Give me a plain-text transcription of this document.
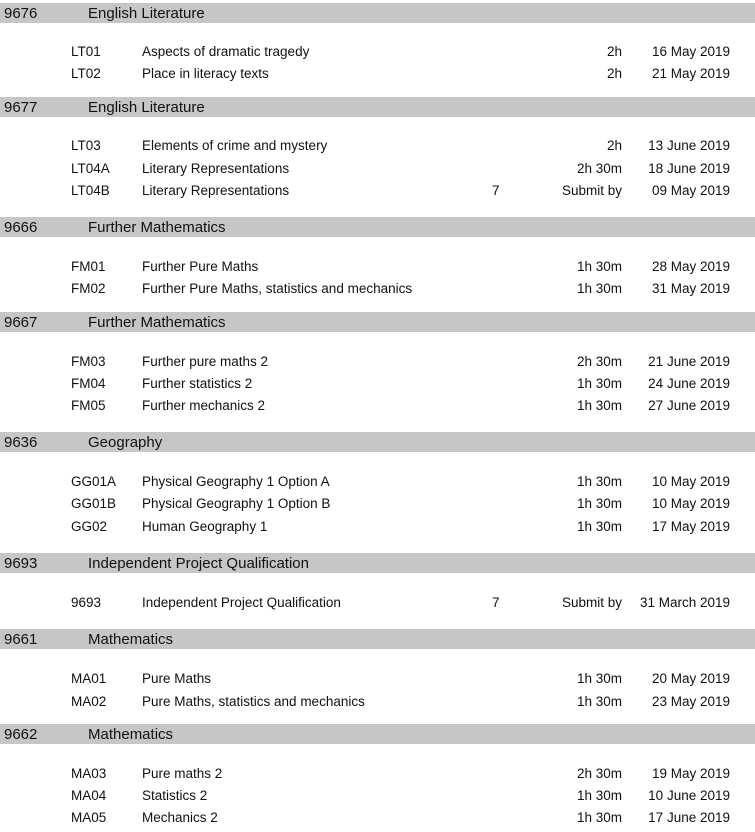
9676	English Literature
LT01	Aspects of dramatic tragedy	2h 16 May 2019
LT02	Place in literacy texts	2h 21 May 2019
9677	English Literature
LT03	Elements of crime and mystery	2h 13 June 2019
LT04A Literary Representations	2h 30m 18 June 2019
LT04B Literary Representations	7	Submit by 09 May 2019
9666	Further Mathematics
FM01	Further Pure Maths	1h 30m 28 May 2019
FM02	Further Pure Maths, statistics and mechanics	1h 30m 31 May 2019
9667	Further Mathematics
FM03	Further pure maths 2	2h 30m 21 June 2019
FM04	Further statistics 2	1h 30m 24 June 2019
FM05	Further mechanics 2	1h 30m 27 June 2019
9636	Geography
GG01A Physical Geography 1 Option A	1h 30m 10 May 2019
GG01B Physical Geography 1 Option B	1h 30m 10 May 2019
GG02	Human Geography 1	1h 30m 17 May 2019
9693	Independent Project Qualification
9693	Independent Project Qualification	7	Submit by 31 March 2019
9661	Mathematics
MA01	Pure Maths	1h 30m 20 May 2019
MA02	Pure Maths, statistics and mechanics	1h 30m 23 May 2019
9662	Mathematics
MA03	Pure maths 2	2h 30m 19 May 2019
MA04	Statistics 2	1h 30m 10 June 2019
MA05	Mechanics 2	1h 30m 17 June 2019
